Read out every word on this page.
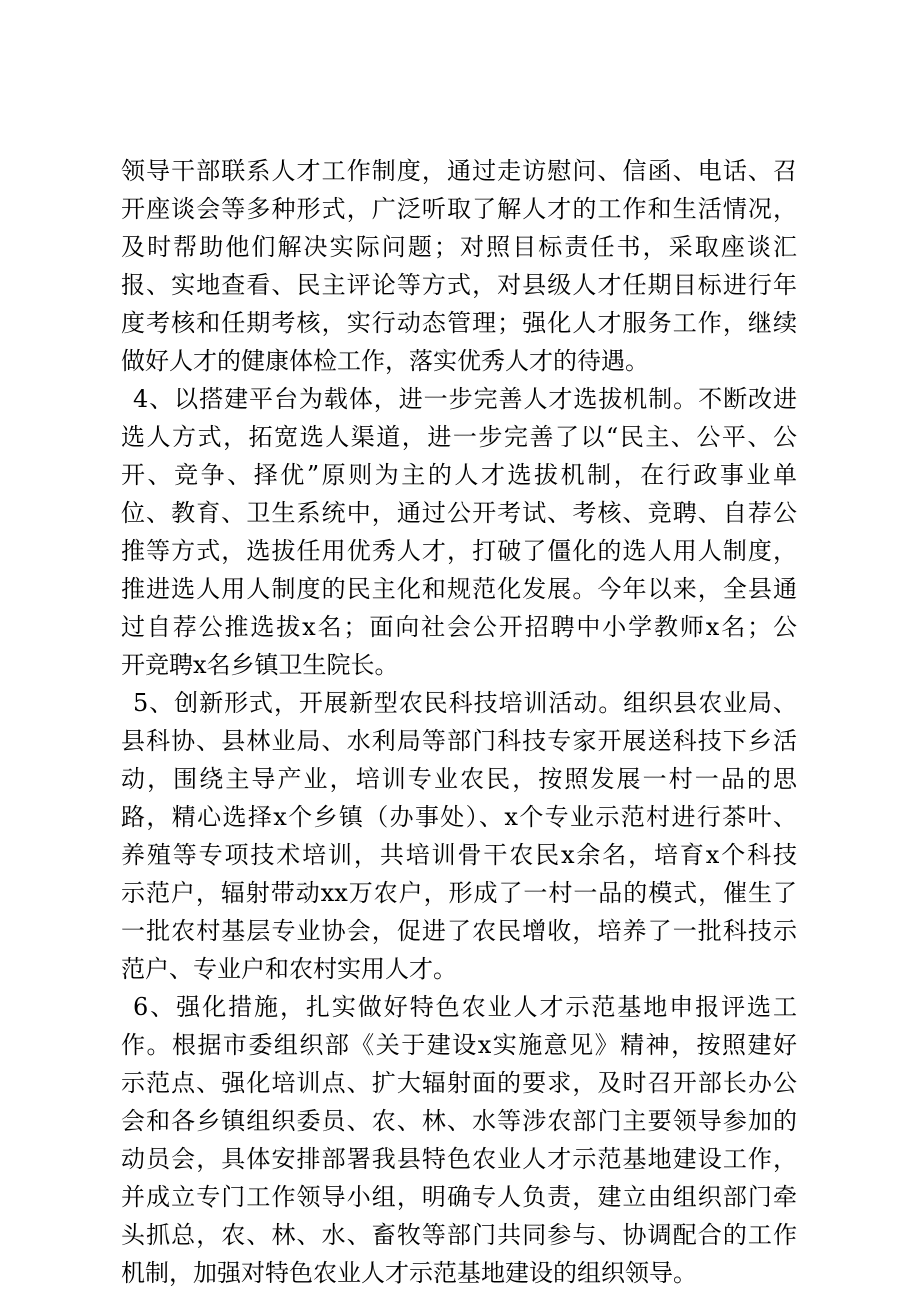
领导干部联系人才工作制度，通过走访慰问、信函、电话、召
开座谈会等多种形式，广泛听取了解人才的工作和生活情况，
及时帮助他们解决实际问题；对照目标责任书，采取座谈汇
报、实地查看、民主评论等方式，对县级人才任期目标进行年
度考核和任期考核，实行动态管理；强化人才服务工作，继续
做好人才的健康体检工作，落实优秀人才的待遇。
4、以搭建平台为载体，进一步完善人才选拔机制。不断改进
选人方式，拓宽选人渠道，进一步完善了以“民主、公平、公
开、竞争、择优”原则为主的人才选拔机制，在行政事业单
位、教育、卫生系统中，通过公开考试、考核、竞聘、自荐公
推等方式，选拔任用优秀人才，打破了僵化的选人用人制度，
推进选人用人制度的民主化和规范化发展。今年以来，全县通
过自荐公推选拔x名；面向社会公开招聘中小学教师x名；公
开竞聘x名乡镇卫生院长。
5、创新形式，开展新型农民科技培训活动。组织县农业局、
县科协、县林业局、水利局等部门科技专家开展送科技下乡活
动，围绕主导产业，培训专业农民，按照发展一村一品的思
路，精心选择x个乡镇（办事处）、x个专业示范村进行茶叶、
养殖等专项技术培训，共培训骨干农民x余名，培育x个科技
示范户，辐射带动xx万农户，形成了一村一品的模式，催生了
一批农村基层专业协会，促进了农民增收，培养了一批科技示
范户、专业户和农村实用人才。
6、强化措施，扎实做好特色农业人才示范基地申报评选工
作。根据市委组织部《关于建设x实施意见》精神，按照建好
示范点、强化培训点、扩大辐射面的要求，及时召开部长办公
会和各乡镇组织委员、农、林、水等涉农部门主要领导参加的
动员会，具体安排部署我县特色农业人才示范基地建设工作，
并成立专门工作领导小组，明确专人负责，建立由组织部门牵
头抓总，农、林、水、畜牧等部门共同参与、协调配合的工作
机制，加强对特色农业人才示范基地建设的组织领导。
